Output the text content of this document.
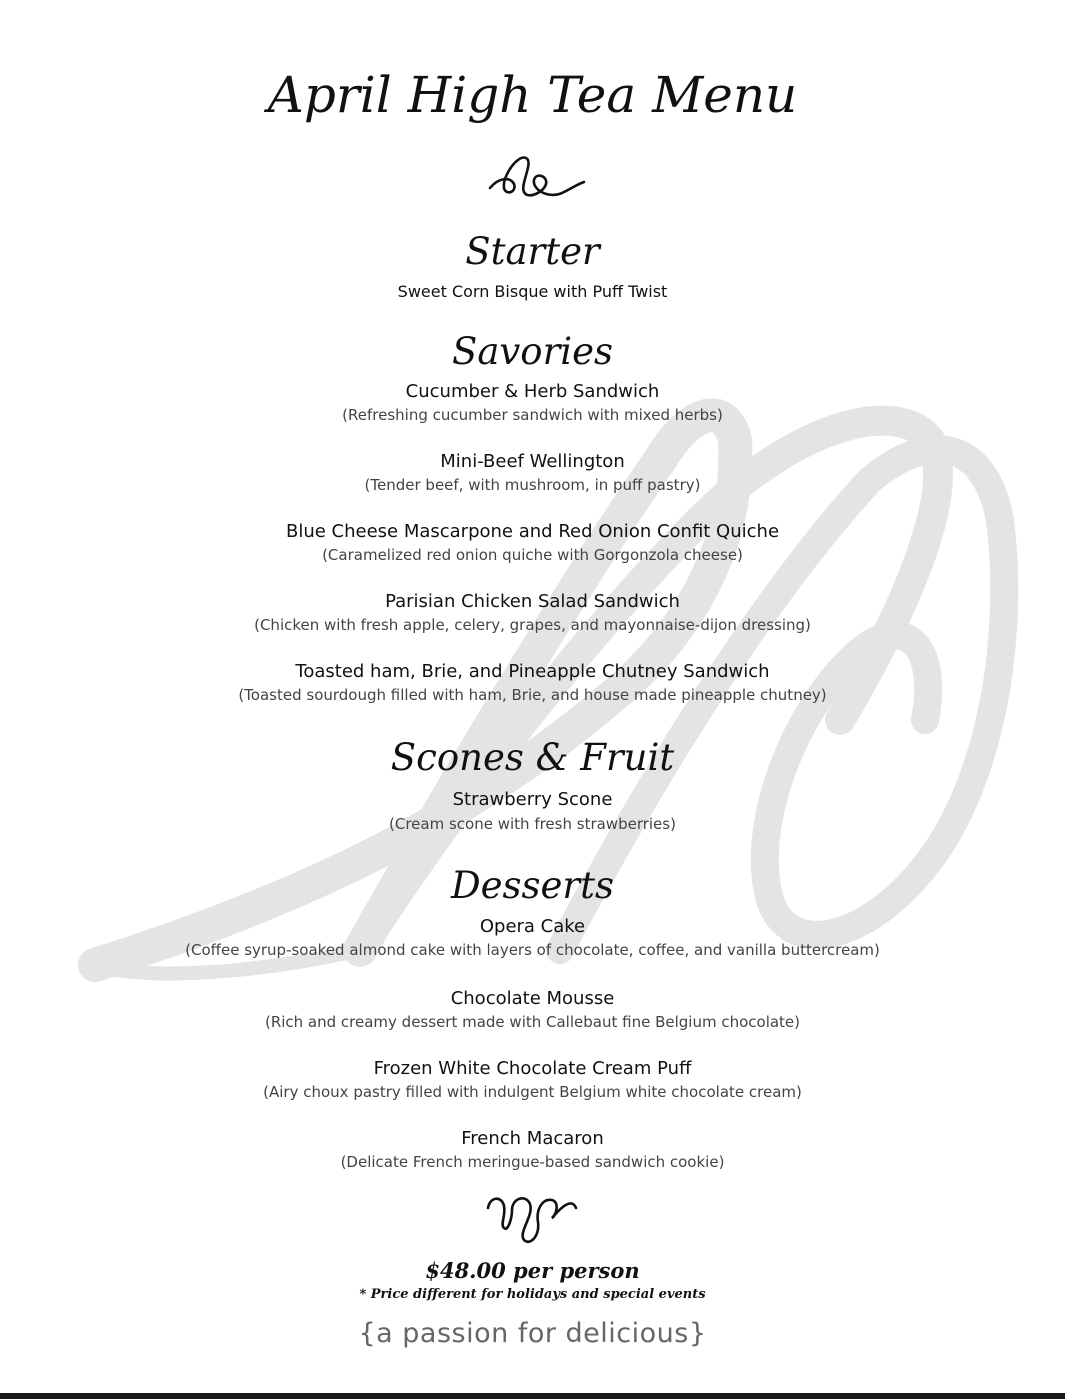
April High Tea Menu
Starter
Sweet Corn Bisque with Puff Twist
Savories
Cucumber & Herb Sandwich
(Refreshing cucumber sandwich with mixed herbs)
Mini-Beef Wellington
(Tender beef, with mushroom, in puff pastry)
Blue Cheese Mascarpone and Red Onion Confit Quiche
(Caramelized red onion quiche with Gorgonzola cheese)
Parisian Chicken Salad Sandwich
(Chicken with fresh apple, celery, grapes, and mayonnaise-dijon dressing)
Toasted ham, Brie, and Pineapple Chutney Sandwich
(Toasted sourdough filled with ham, Brie, and house made pineapple chutney)
Scones & Fruit
Strawberry Scone
(Cream scone with fresh strawberries)
Desserts
Opera Cake
(Coffee syrup-soaked almond cake with layers of chocolate, coffee, and vanilla buttercream)
Chocolate Mousse
(Rich and creamy dessert made with Callebaut fine Belgium chocolate)
Frozen White Chocolate Cream Puff
(Airy choux pastry filled with indulgent Belgium white chocolate cream)
French Macaron
(Delicate French meringue-based sandwich cookie)
$48.00 per person
* Price different for holidays and special events
{a passion for delicious}
